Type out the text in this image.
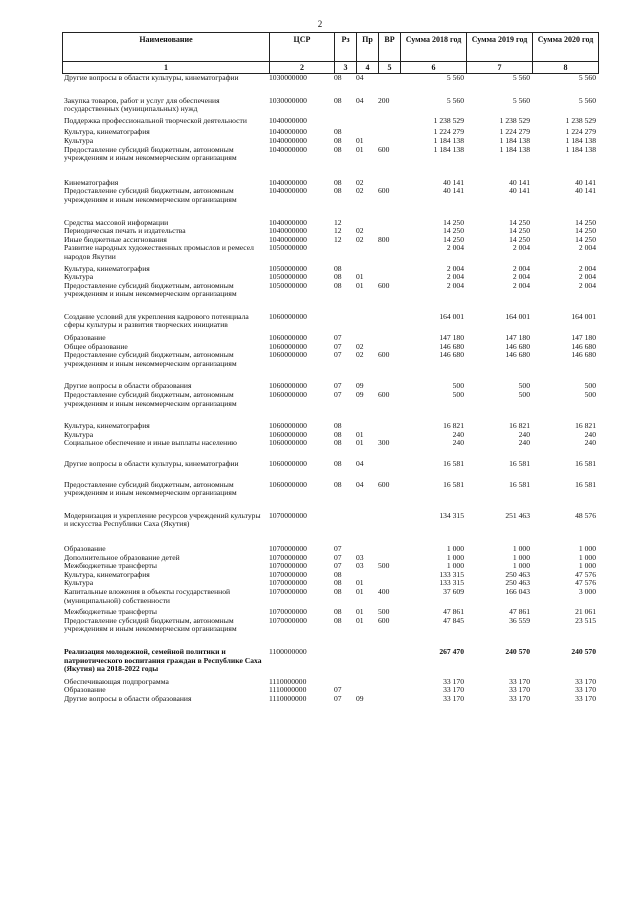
2
Наименование	ЦСР	Рз	Пр	ВР	Сумма 2018 год	Сумма 2019 год	Сумма 2020 год
1	2	3	4	5	6	7	8
Другие вопросы в области культуры, кинематографии	1030000000	08	04		5 560	5 560	5 560

Закупка товаров, работ и услуг для обеспечения государственных (муниципальных) нужд	1030000000	08	04	200	5 560	5 560	5 560

Поддержка профессиональной творческой деятельности	1040000000				1 238 529	1 238 529	1 238 529

Культура, кинематография	1040000000	08			1 224 279	1 224 279	1 224 279
Культура	1040000000	08	01		1 184 138	1 184 138	1 184 138
Предоставление субсидий бюджетным, автономным учреждениям и иным некоммерческим организациям	1040000000	08	01	600	1 184 138	1 184 138	1 184 138

Кинематография	1040000000	08	02		40 141	40 141	40 141
Предоставление субсидий бюджетным, автономным учреждениям и иным некоммерческим организациям	1040000000	08	02	600	40 141	40 141	40 141

Средства массовой информации	1040000000	12			14 250	14 250	14 250
Периодическая печать и издательства	1040000000	12	02		14 250	14 250	14 250
Иные бюджетные ассигнования	1040000000	12	02	800	14 250	14 250	14 250
Развитие народных художественных промыслов и ремесел народов Якутии	1050000000				2 004	2 004	2 004

Культура, кинематография	1050000000	08			2 004	2 004	2 004
Культура	1050000000	08	01		2 004	2 004	2 004
Предоставление субсидий бюджетным, автономным учреждениям и иным некоммерческим организациям	1050000000	08	01	600	2 004	2 004	2 004

Создание условий для укрепления кадрового потенциала сферы культуры и развития творческих инициатив	1060000000				164 001	164 001	164 001

Образование	1060000000	07			147 180	147 180	147 180
Общее образование	1060000000	07	02		146 680	146 680	146 680
Предоставление субсидий бюджетным, автономным учреждениям и иным некоммерческим организациям	1060000000	07	02	600	146 680	146 680	146 680

Другие вопросы в области образования	1060000000	07	09		500	500	500
Предоставление субсидий бюджетным, автономным учреждениям и иным некоммерческим организациям	1060000000	07	09	600	500	500	500

Культура, кинематография	1060000000	08			16 821	16 821	16 821
Культура	1060000000	08	01		240	240	240
Социальное обеспечение и иные выплаты населению	1060000000	08	01	300	240	240	240

Другие вопросы в области культуры, кинематографии	1060000000	08	04		16 581	16 581	16 581

Предоставление субсидий бюджетным, автономным учреждениям и иным некоммерческим организациям	1060000000	08	04	600	16 581	16 581	16 581

Модернизация и укрепление ресурсов учреждений культуры и искусства Республики Саха (Якутия)	1070000000				134 315	251 463	48 576

Образование	1070000000	07			1 000	1 000	1 000
Дополнительное образование детей	1070000000	07	03		1 000	1 000	1 000
Межбюджетные трансферты	1070000000	07	03	500	1 000	1 000	1 000
Культура, кинематография	1070000000	08			133 315	250 463	47 576
Культура	1070000000	08	01		133 315	250 463	47 576
Капитальные вложения в объекты государственной (муниципальной) собственности	1070000000	08	01	400	37 609	166 043	3 000

Межбюджетные трансферты	1070000000	08	01	500	47 861	47 861	21 061
Предоставление субсидий бюджетным, автономным учреждениям и иным некоммерческим организациям	1070000000	08	01	600	47 845	36 559	23 515

Реализация молодежной, семейной политики и патриотического воспитания граждан в Республике Саха (Якутия) на 2018-2022 годы	1100000000				267 470	240 570	240 570

Обеспечивающая подпрограмма	1110000000				33 170	33 170	33 170
Образование	1110000000	07			33 170	33 170	33 170
Другие вопросы в области образования	1110000000	07	09		33 170	33 170	33 170
